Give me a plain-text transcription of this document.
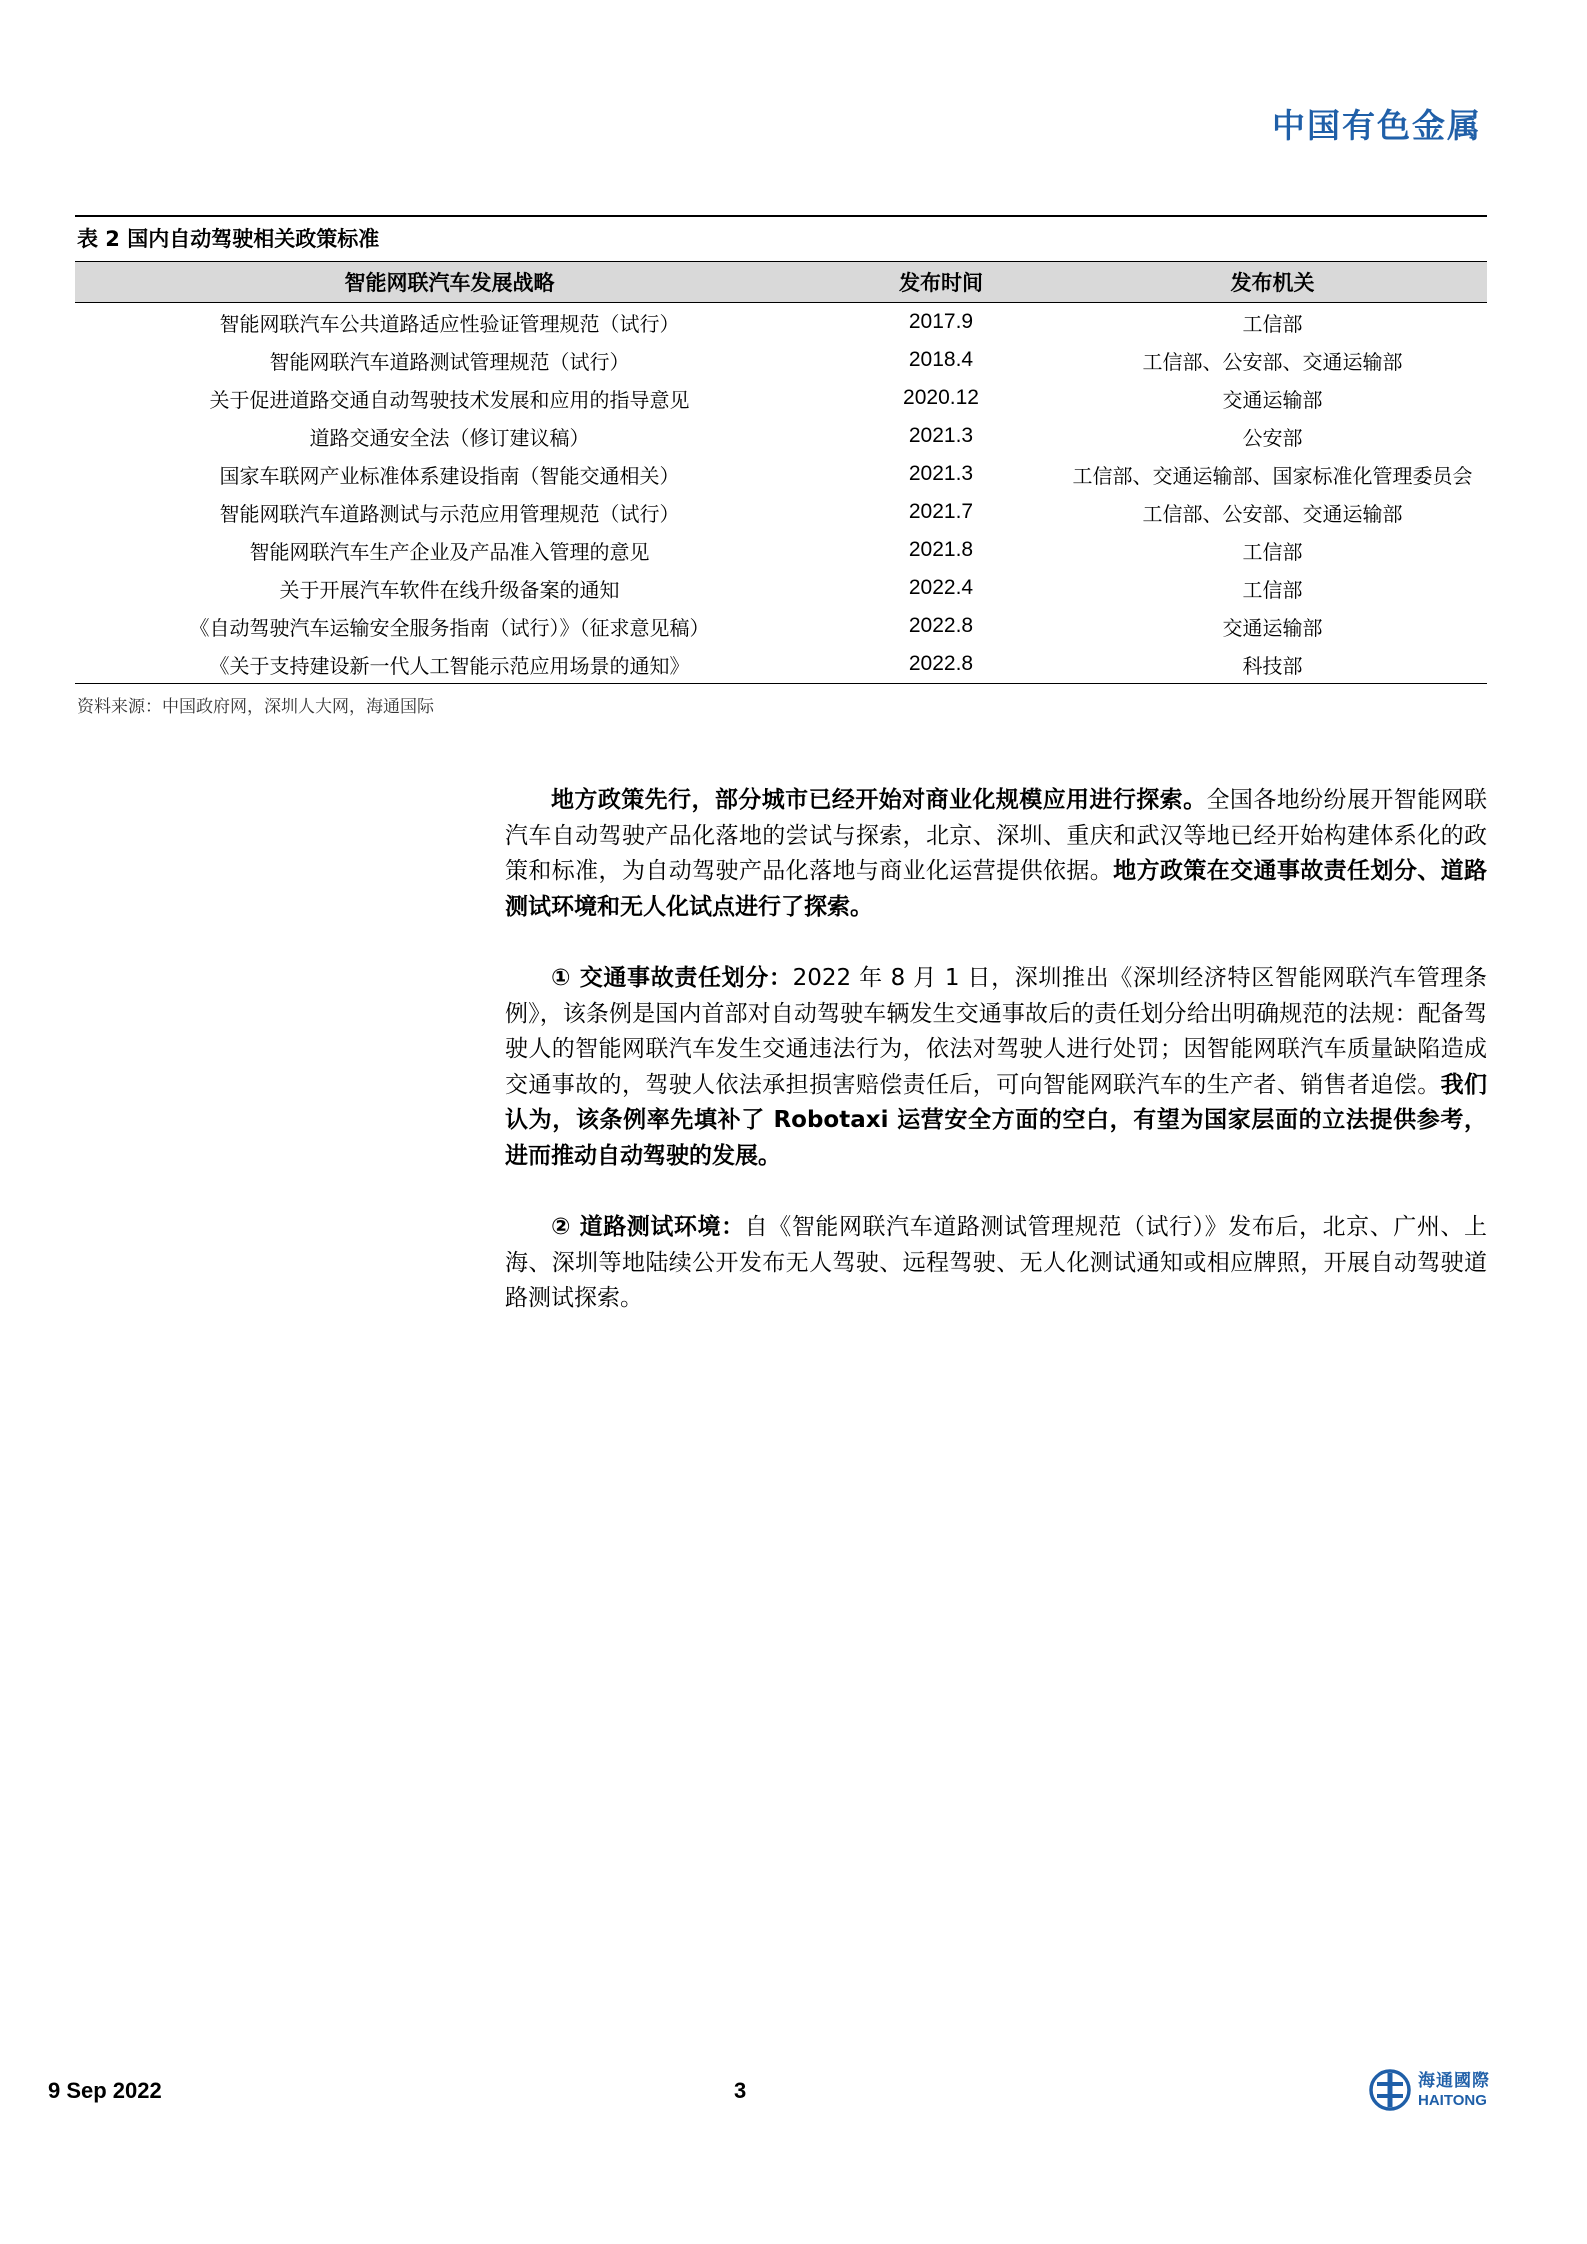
中国有色金属
表 2 国内自动驾驶相关政策标准
智能网联汽车发展战略	发布时间	发布机关
智能网联汽车公共道路适应性验证管理规范（试行）	2017.9	工信部
智能网联汽车道路测试管理规范（试行）	2018.4	工信部、公安部、交通运输部
关于促进道路交通自动驾驶技术发展和应用的指导意见	2020.12	交通运输部
道路交通安全法（修订建议稿）	2021.3	公安部
国家车联网产业标准体系建设指南（智能交通相关）	2021.3	工信部、交通运输部、国家标准化管理委员会
智能网联汽车道路测试与示范应用管理规范（试行）	2021.7	工信部、公安部、交通运输部
智能网联汽车生产企业及产品准入管理的意见	2021.8	工信部
关于开展汽车软件在线升级备案的通知	2022.4	工信部
《自动驾驶汽车运输安全服务指南（试行）》（征求意见稿）	2022.8	交通运输部
《关于支持建设新一代人工智能示范应用场景的通知》	2022.8	科技部
资料来源：中国政府网，深圳人大网，海通国际

地方政策先行，部分城市已经开始对商业化规模应用进行探索。全国各地纷纷展开智能网联汽车自动驾驶产品化落地的尝试与探索，北京、深圳、重庆和武汉等地已经开始构建体系化的政策和标准，为自动驾驶产品化落地与商业化运营提供依据。地方政策在交通事故责任划分、道路测试环境和无人化试点进行了探索。

① 交通事故责任划分：2022 年 8 月 1 日，深圳推出《深圳经济特区智能网联汽车管理条例》，该条例是国内首部对自动驾驶车辆发生交通事故后的责任划分给出明确规范的法规：配备驾驶人的智能网联汽车发生交通违法行为，依法对驾驶人进行处罚；因智能网联汽车质量缺陷造成交通事故的，驾驶人依法承担损害赔偿责任后，可向智能网联汽车的生产者、销售者追偿。我们认为，该条例率先填补了 Robotaxi 运营安全方面的空白，有望为国家层面的立法提供参考，进而推动自动驾驶的发展。

② 道路测试环境：自《智能网联汽车道路测试管理规范（试行）》发布后，北京、广州、上海、深圳等地陆续公开发布无人驾驶、远程驾驶、无人化测试通知或相应牌照，开展自动驾驶道路测试探索。

9 Sep 2022	3	海通國際
HAITONG
